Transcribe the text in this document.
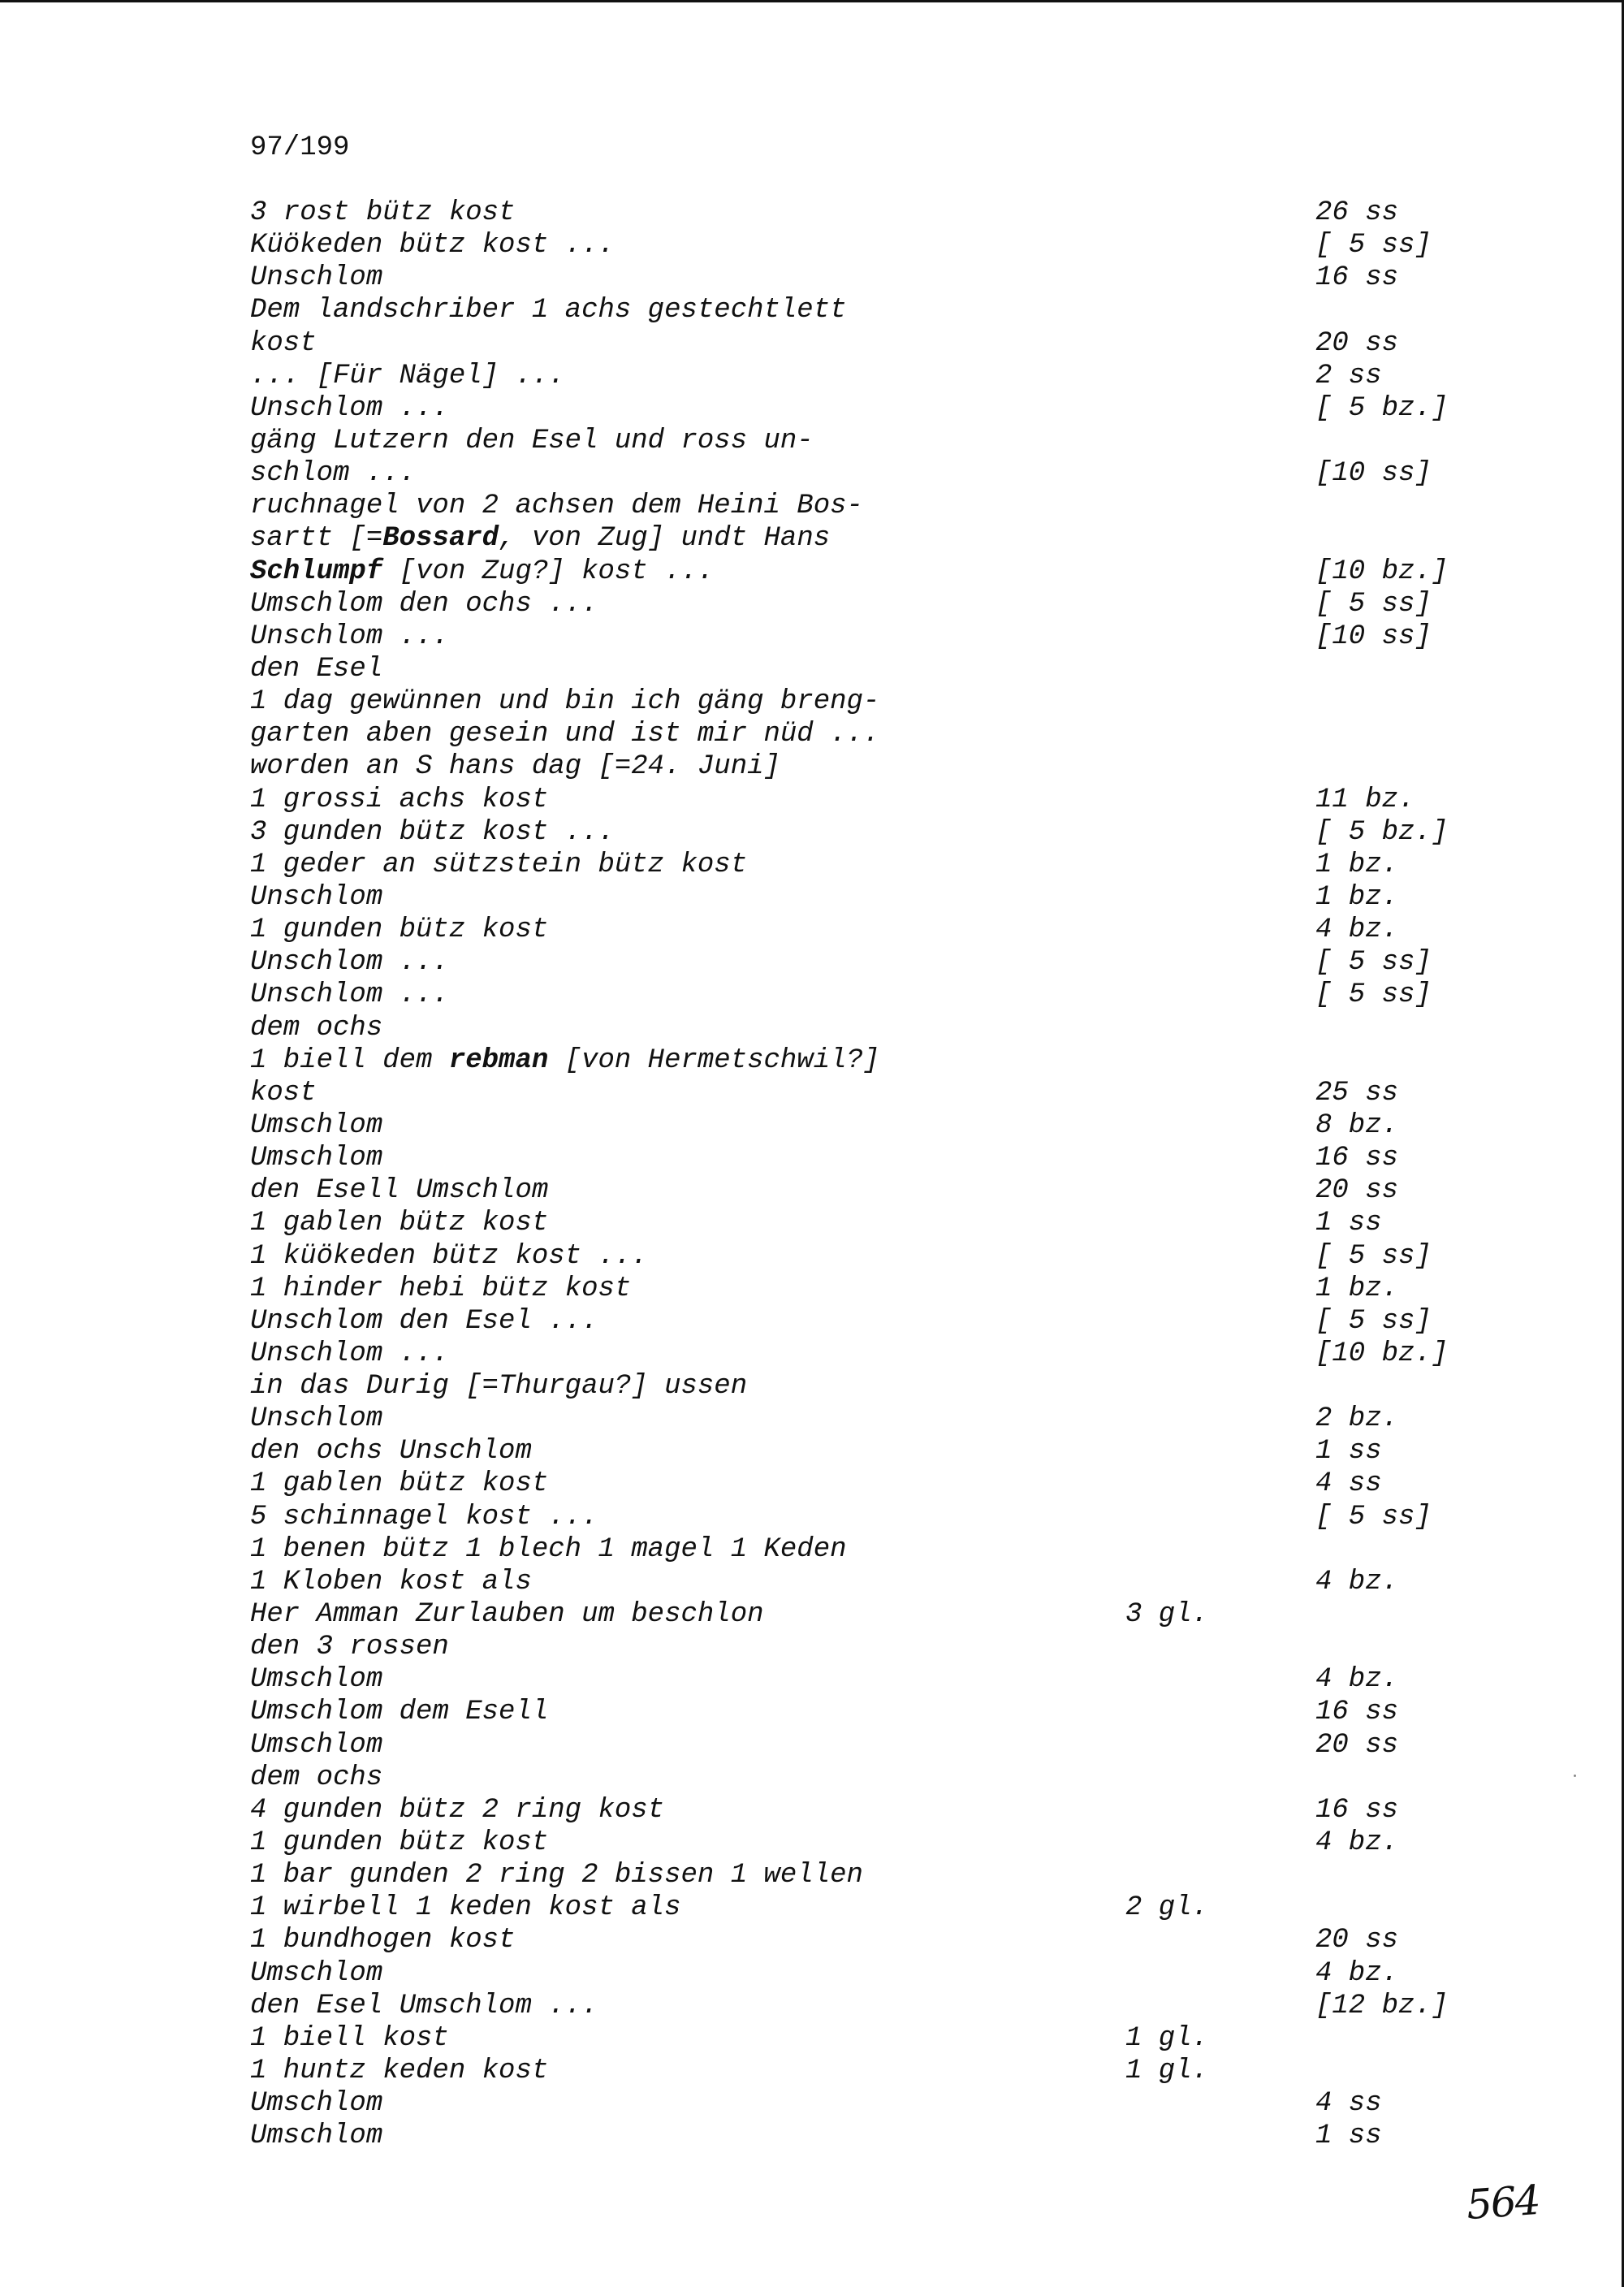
97/199
3 rost bütz kost	26 ss
Küökeden bütz kost ...	[ 5 ss]
Unschlom	16 ss
Dem landschriber 1 achs gestechtlett
kost	20 ss
... [Für Nägel] ...	2 ss
Unschlom ...	[ 5 bz.]
gäng Lutzern den Esel und ross un-
schlom ...	[10 ss]
ruchnagel von 2 achsen dem Heini Bos-
sartt [=Bossard, von Zug] undt Hans
Schlumpf [von Zug?] kost ...	[10 bz.]
Umschlom den ochs ...	[ 5 ss]
Unschlom ...	[10 ss]
den Esel
1 dag gewünnen und bin ich gäng breng-
garten aben gesein und ist mir nüd ...
worden an S hans dag [=24. Juni]
1 grossi achs kost	11 bz.
3 gunden bütz kost ...	[ 5 bz.]
1 geder an sützstein bütz kost	1 bz.
Unschlom	1 bz.
1 gunden bütz kost	4 bz.
Unschlom ...	[ 5 ss]
Unschlom ...	[ 5 ss]
dem ochs
1 biell dem rebman [von Hermetschwil?]
kost	25 ss
Umschlom	8 bz.
Umschlom	16 ss
den Esell Umschlom	20 ss
1 gablen bütz kost	1 ss
1 küökeden bütz kost ...	[ 5 ss]
1 hinder hebi bütz kost	1 bz.
Unschlom den Esel ...	[ 5 ss]
Unschlom ...	[10 bz.]
in das Durig [=Thurgau?] ussen
Unschlom	2 bz.
den ochs Unschlom	1 ss
1 gablen bütz kost	4 ss
5 schinnagel kost ...	[ 5 ss]
1 benen bütz 1 blech 1 magel 1 Keden
1 Kloben kost als	4 bz.
Her Amman Zurlauben um beschlon	3 gl.
den 3 rossen
Umschlom	4 bz.
Umschlom dem Esell	16 ss
Umschlom	20 ss
dem ochs
4 gunden bütz 2 ring kost	16 ss
1 gunden bütz kost	4 bz.
1 bar gunden 2 ring 2 bissen 1 wellen
1 wirbell 1 keden kost als	2 gl.
1 bundhogen kost	20 ss
Umschlom	4 bz.
den Esel Umschlom ...	[12 bz.]
1 biell kost	1 gl.
1 huntz keden kost	1 gl.
Umschlom	4 ss
Umschlom	1 ss
564
